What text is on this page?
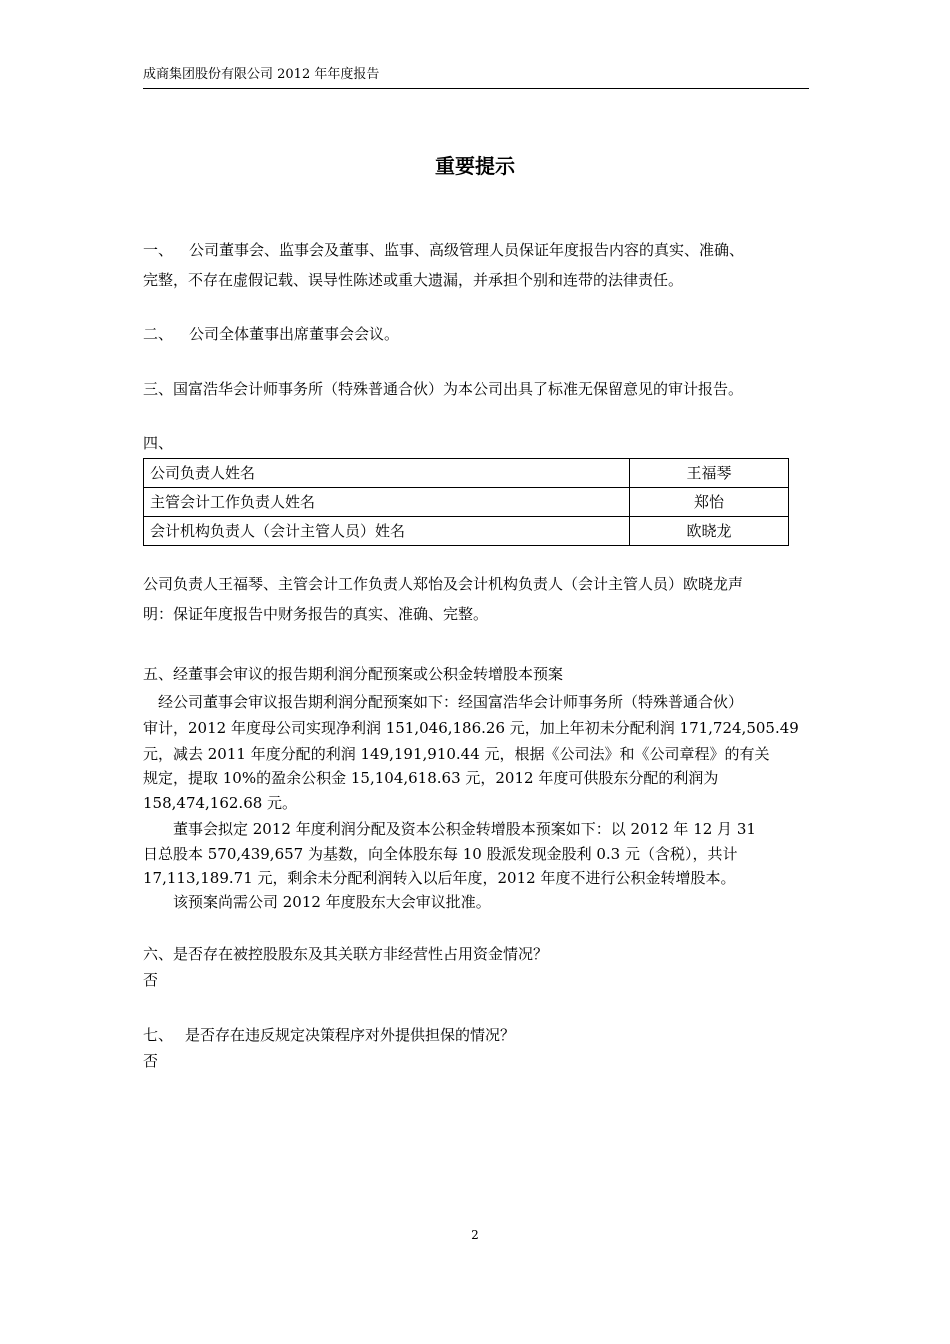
成商集团股份有限公司 2012 年年度报告
重要提示
一、 公司董事会、监事会及董事、监事、高级管理人员保证年度报告内容的真实、准确、
完整，不存在虚假记载、误导性陈述或重大遗漏，并承担个别和连带的法律责任。
二、 公司全体董事出席董事会会议。
三、国富浩华会计师事务所（特殊普通合伙）为本公司出具了标准无保留意见的审计报告。
四、
公司负责人姓名	王福琴
主管会计工作负责人姓名	郑怡
会计机构负责人（会计主管人员）姓名	欧晓龙
公司负责人王福琴、主管会计工作负责人郑怡及会计机构负责人（会计主管人员）欧晓龙声
明：保证年度报告中财务报告的真实、准确、完整。
五、经董事会审议的报告期利润分配预案或公积金转增股本预案
　经公司董事会审议报告期利润分配预案如下：经国富浩华会计师事务所（特殊普通合伙）
审计，2012 年度母公司实现净利润 151,046,186.26 元，加上年初未分配利润 171,724,505.49
元，减去 2011 年度分配的利润 149,191,910.44 元，根据《公司法》和《公司章程》的有关
规定，提取 10%的盈余公积金 15,104,618.63 元，2012 年度可供股东分配的利润为
158,474,162.68 元。
　　董事会拟定 2012 年度利润分配及资本公积金转增股本预案如下：以 2012 年 12 月 31
日总股本 570,439,657 为基数，向全体股东每 10 股派发现金股利 0.3 元（含税），共计
17,113,189.71 元，剩余未分配利润转入以后年度，2012 年度不进行公积金转增股本。
　　该预案尚需公司 2012 年度股东大会审议批准。
六、是否存在被控股股东及其关联方非经营性占用资金情况？
否
七、 是否存在违反规定决策程序对外提供担保的情况？
否
2
